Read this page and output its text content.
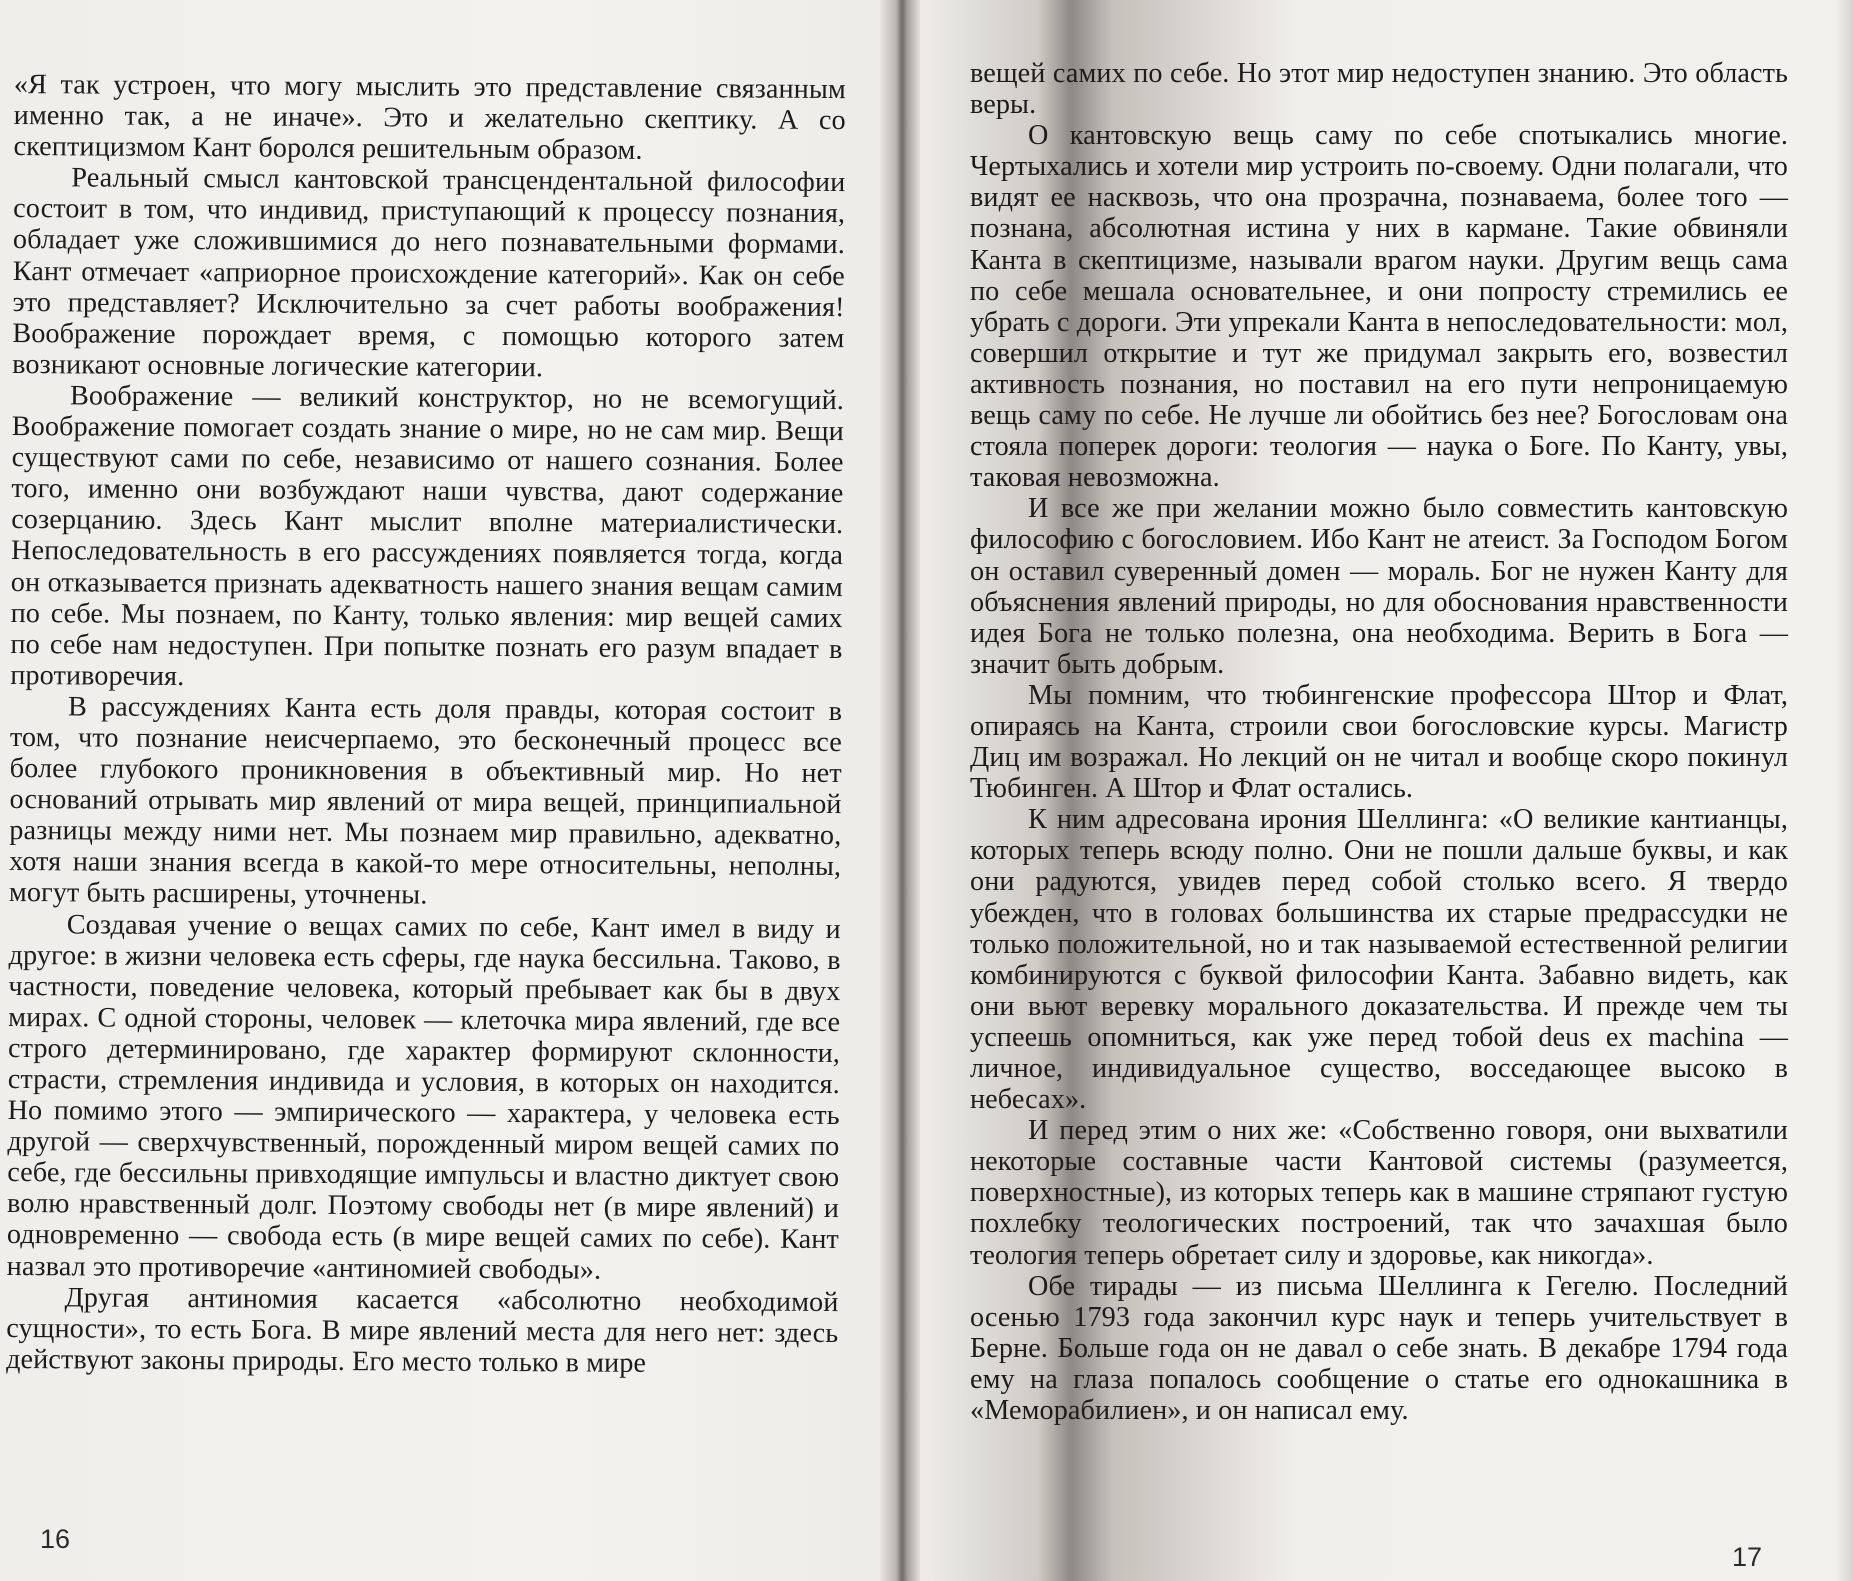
«Я так устроен, что могу мыслить это представление связанным именно так, а не иначе». Это и желательно скептику. А со скептицизмом Кант боролся решительным образом.

Реальный смысл кантовской трансцендентальной философии состоит в том, что индивид, приступающий к процессу познания, обладает уже сложившимися до него познавательными формами. Кант отмечает «априорное происхождение категорий». Как он себе это представляет? Исключительно за счет работы воображения! Воображение порождает время, с помощью которого затем возникают основные логические категории.

Воображение — великий конструктор, но не всемогущий. Воображение помогает создать знание о мире, но не сам мир. Вещи существуют сами по себе, независимо от нашего сознания. Более того, именно они возбуждают наши чувства, дают содержание созерцанию. Здесь Кант мыслит вполне материалистически. Непоследовательность в его рассуждениях появляется тогда, когда он отказывается признать адекватность нашего знания вещам самим по себе. Мы познаем, по Канту, только явления: мир вещей самих по себе нам недоступен. При попытке познать его разум впадает в противоречия.

В рассуждениях Канта есть доля правды, которая состоит в том, что познание неисчерпаемо, это бесконечный процесс все более глубокого проникновения в объективный мир. Но нет оснований отрывать мир явлений от мира вещей, принципиальной разницы между ними нет. Мы познаем мир правильно, адекватно, хотя наши знания всегда в какой-то мере относительны, неполны, могут быть расширены, уточнены.

Создавая учение о вещах самих по себе, Кант имел в виду и другое: в жизни человека есть сферы, где наука бессильна. Таково, в частности, поведение человека, который пребывает как бы в двух мирах. С одной стороны, человек — клеточка мира явлений, где все строго детерминировано, где характер формируют склонности, страсти, стремления индивида и условия, в которых он находится. Но помимо этого — эмпирического — характера, у человека есть другой — сверхчувственный, порожденный миром вещей самих по себе, где бессильны привходящие импульсы и властно диктует свою волю нравственный долг. Поэтому свободы нет (в мире явлений) и одновременно — свобода есть (в мире вещей самих по себе). Кант назвал это противоречие «антиномией свободы».

Другая антиномия касается «абсолютно необходимой сущности», то есть Бога. В мире явлений места для него нет: здесь действуют законы природы. Его место только в мире

16

вещей самих по себе. Но этот мир недоступен знанию. Это область веры.

О кантовскую вещь саму по себе спотыкались многие. Чертыхались и хотели мир устроить по-своему. Одни полагали, что видят ее насквозь, что она прозрачна, познаваема, более того — познана, абсолютная истина у них в кармане. Такие обвиняли Канта в скептицизме, называли врагом науки. Другим вещь сама по себе мешала основательнее, и они попросту стремились ее убрать с дороги. Эти упрекали Канта в непоследовательности: мол, совершил открытие и тут же придумал закрыть его, возвестил активность познания, но поставил на его пути непроницаемую вещь саму по себе. Не лучше ли обойтись без нее? Богословам она стояла поперек дороги: теология — наука о Боге. По Канту, увы, таковая невозможна.

И все же при желании можно было совместить кантовскую философию с богословием. Ибо Кант не атеист. За Господом Богом он оставил суверенный домен — мораль. Бог не нужен Канту для объяснения явлений природы, но для обоснования нравственности идея Бога не только полезна, она необходима. Верить в Бога — значит быть добрым.

Мы помним, что тюбингенские профессора Штор и Флат, опираясь на Канта, строили свои богословские курсы. Магистр Диц им возражал. Но лекций он не читал и вообще скоро покинул Тюбинген. А Штор и Флат остались.

К ним адресована ирония Шеллинга: «О великие кантианцы, которых теперь всюду полно. Они не пошли дальше буквы, и как они радуются, увидев перед собой столько всего. Я твердо убежден, что в головах большинства их старые предрассудки не только положительной, но и так называемой естественной религии комбинируются с буквой философии Канта. Забавно видеть, как они вьют веревку морального доказательства. И прежде чем ты успеешь опомниться, как уже перед тобой deus ex machina — личное, индивидуальное существо, восседающее высоко в небесах».

И перед этим о них же: «Собственно говоря, они выхватили некоторые составные части Кантовой системы (разумеется, поверхностные), из которых теперь как в машине стряпают густую похлебку теологических построений, так что зачахшая было теология теперь обретает силу и здоровье, как никогда».

Обе тирады — из письма Шеллинга к Гегелю. Последний осенью 1793 года закончил курс наук и теперь учительствует в Берне. Больше года он не давал о себе знать. В декабре 1794 года ему на глаза попалось сообщение о статье его однокашника в «Меморабилиен», и он написал ему.

17
